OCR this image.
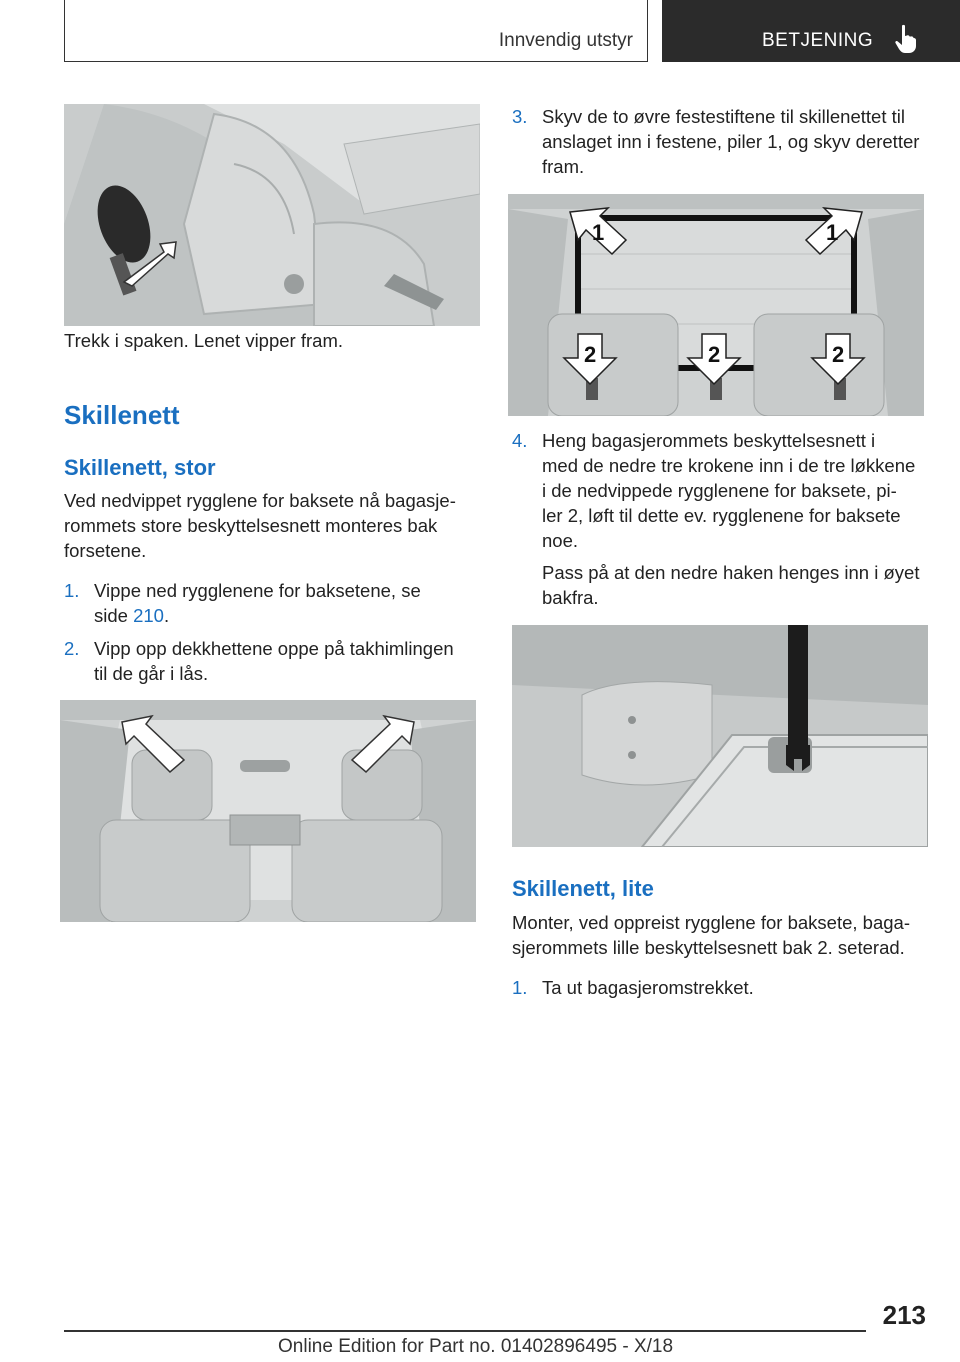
Innvendig utstyr	BETJENING

Trekk i spaken. Lenet vipper fram.

Skillenett
Skillenett, stor

Ved nedvippet rygglene for baksete nå bagasje-
rommets store beskyttelsesnett monteres bak
forsetene.

1. Vippe ned rygglenene for baksetene, se
side 210.
2. Vipp opp dekkhettene oppe på takhimlingen
til de går i lås.
3. Skyv de to øvre festestiftene til skillenettet til
anslaget inn i festene, piler 1, og skyv deretter
fram.
1	1
2	2	2
4. Heng bagasjerommets beskyttelsesnett i
med de nedre tre krokene inn i de tre løkkene
i de nedvippede rygglenene for baksete, pi-
ler 2, løft til dette ev. rygglenene for baksete
noe.
Pass på at den nedre haken henges inn i øyet
bakfra.
Skillenett, lite

Monter, ved oppreist rygglene for baksete, baga-
sjerommets lille beskyttelsesnett bak 2. seterad.

1. Ta ut bagasjeromstrekket.
213
Online Edition for Part no. 01402896495 - X/18
